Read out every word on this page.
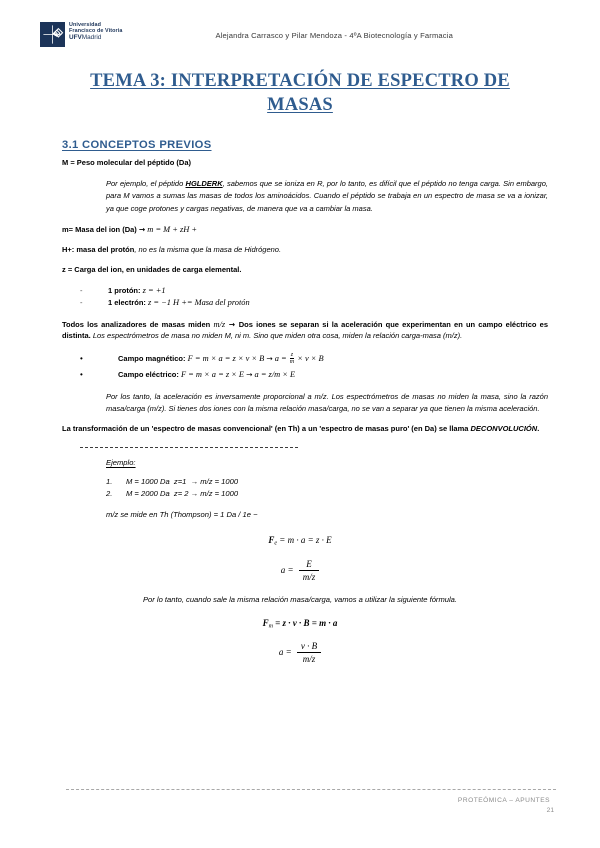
Universidad
Francisco de Vitoria
UFVMadrid	Alejandra Carrasco y Pilar Mendoza - 4ºA Biotecnología y Farmacia
TEMA 3: INTERPRETACIÓN DE ESPECTRO DE MASAS
3.1 CONCEPTOS PREVIOS
M = Peso molecular del péptido (Da)
Por ejemplo, el péptido HGLDERK, sabemos que se ioniza en R, por lo tanto, es difícil que el péptido no tenga carga. Sin embargo, para M vamos a sumas las masas de todos los aminoácidos. Cuando el péptido se trabaja en un espectro de masa se va a ionizar, ya que coge protones y cargas negativas, de manera que va a cambiar la masa.
m= Masa del ion (Da) → m = M + zH +
H+: masa del protón, no es la misma que la masa de Hidrógeno.
z = Carga del ion, en unidades de carga elemental.
-	1 protón: z = +1
-	1 electrón: z = −1 H += Masa del protón
Todos los analizadores de masas miden m/z → Dos iones se separan si la aceleración que experimentan en un campo eléctrico es distinta. Los espectrómetros de masa no miden M, ni m. Sino que miden otra cosa, miden la relación carga-masa (m/z).
•	Campo magnético: $F = m \times a = z \times v \times B \to a = \frac{z}{m} \times v \times B$
•	Campo eléctrico: F = m × a = z × E → a = z/m × E
Por los tanto, la aceleración es inversamente proporcional a m/z. Los espectrómetros de masas no miden la masa, sino la razón masa/carga (m/z). Si tienes dos iones con la misma relación masa/carga, no se van a separar ya que tienen la misma aceleración.
La transformación de un 'espectro de masas convencional' (en Th) a un 'espectro de masas puro' (en Da) se llama DECONVOLUCIÓN.
Ejemplo:
1.	M = 1000 Da  z=1  → m/z = 1000
2.	M = 2000 Da  z= 2 → m/z = 1000
m/z se mide en Th (Thompson) = 1 Da / 1e −
$F_e = m \cdot a = z \cdot E$
$a = \frac{E}{m/z}$
Por lo tanto, cuando sale la misma relación masa/carga, vamos a utilizar la siguiente fórmula.
$F_m = z \cdot v \cdot B = m \cdot a$
$a = \frac{v \cdot B}{m/z}$
PROTEÓMICA – APUNTES
21
